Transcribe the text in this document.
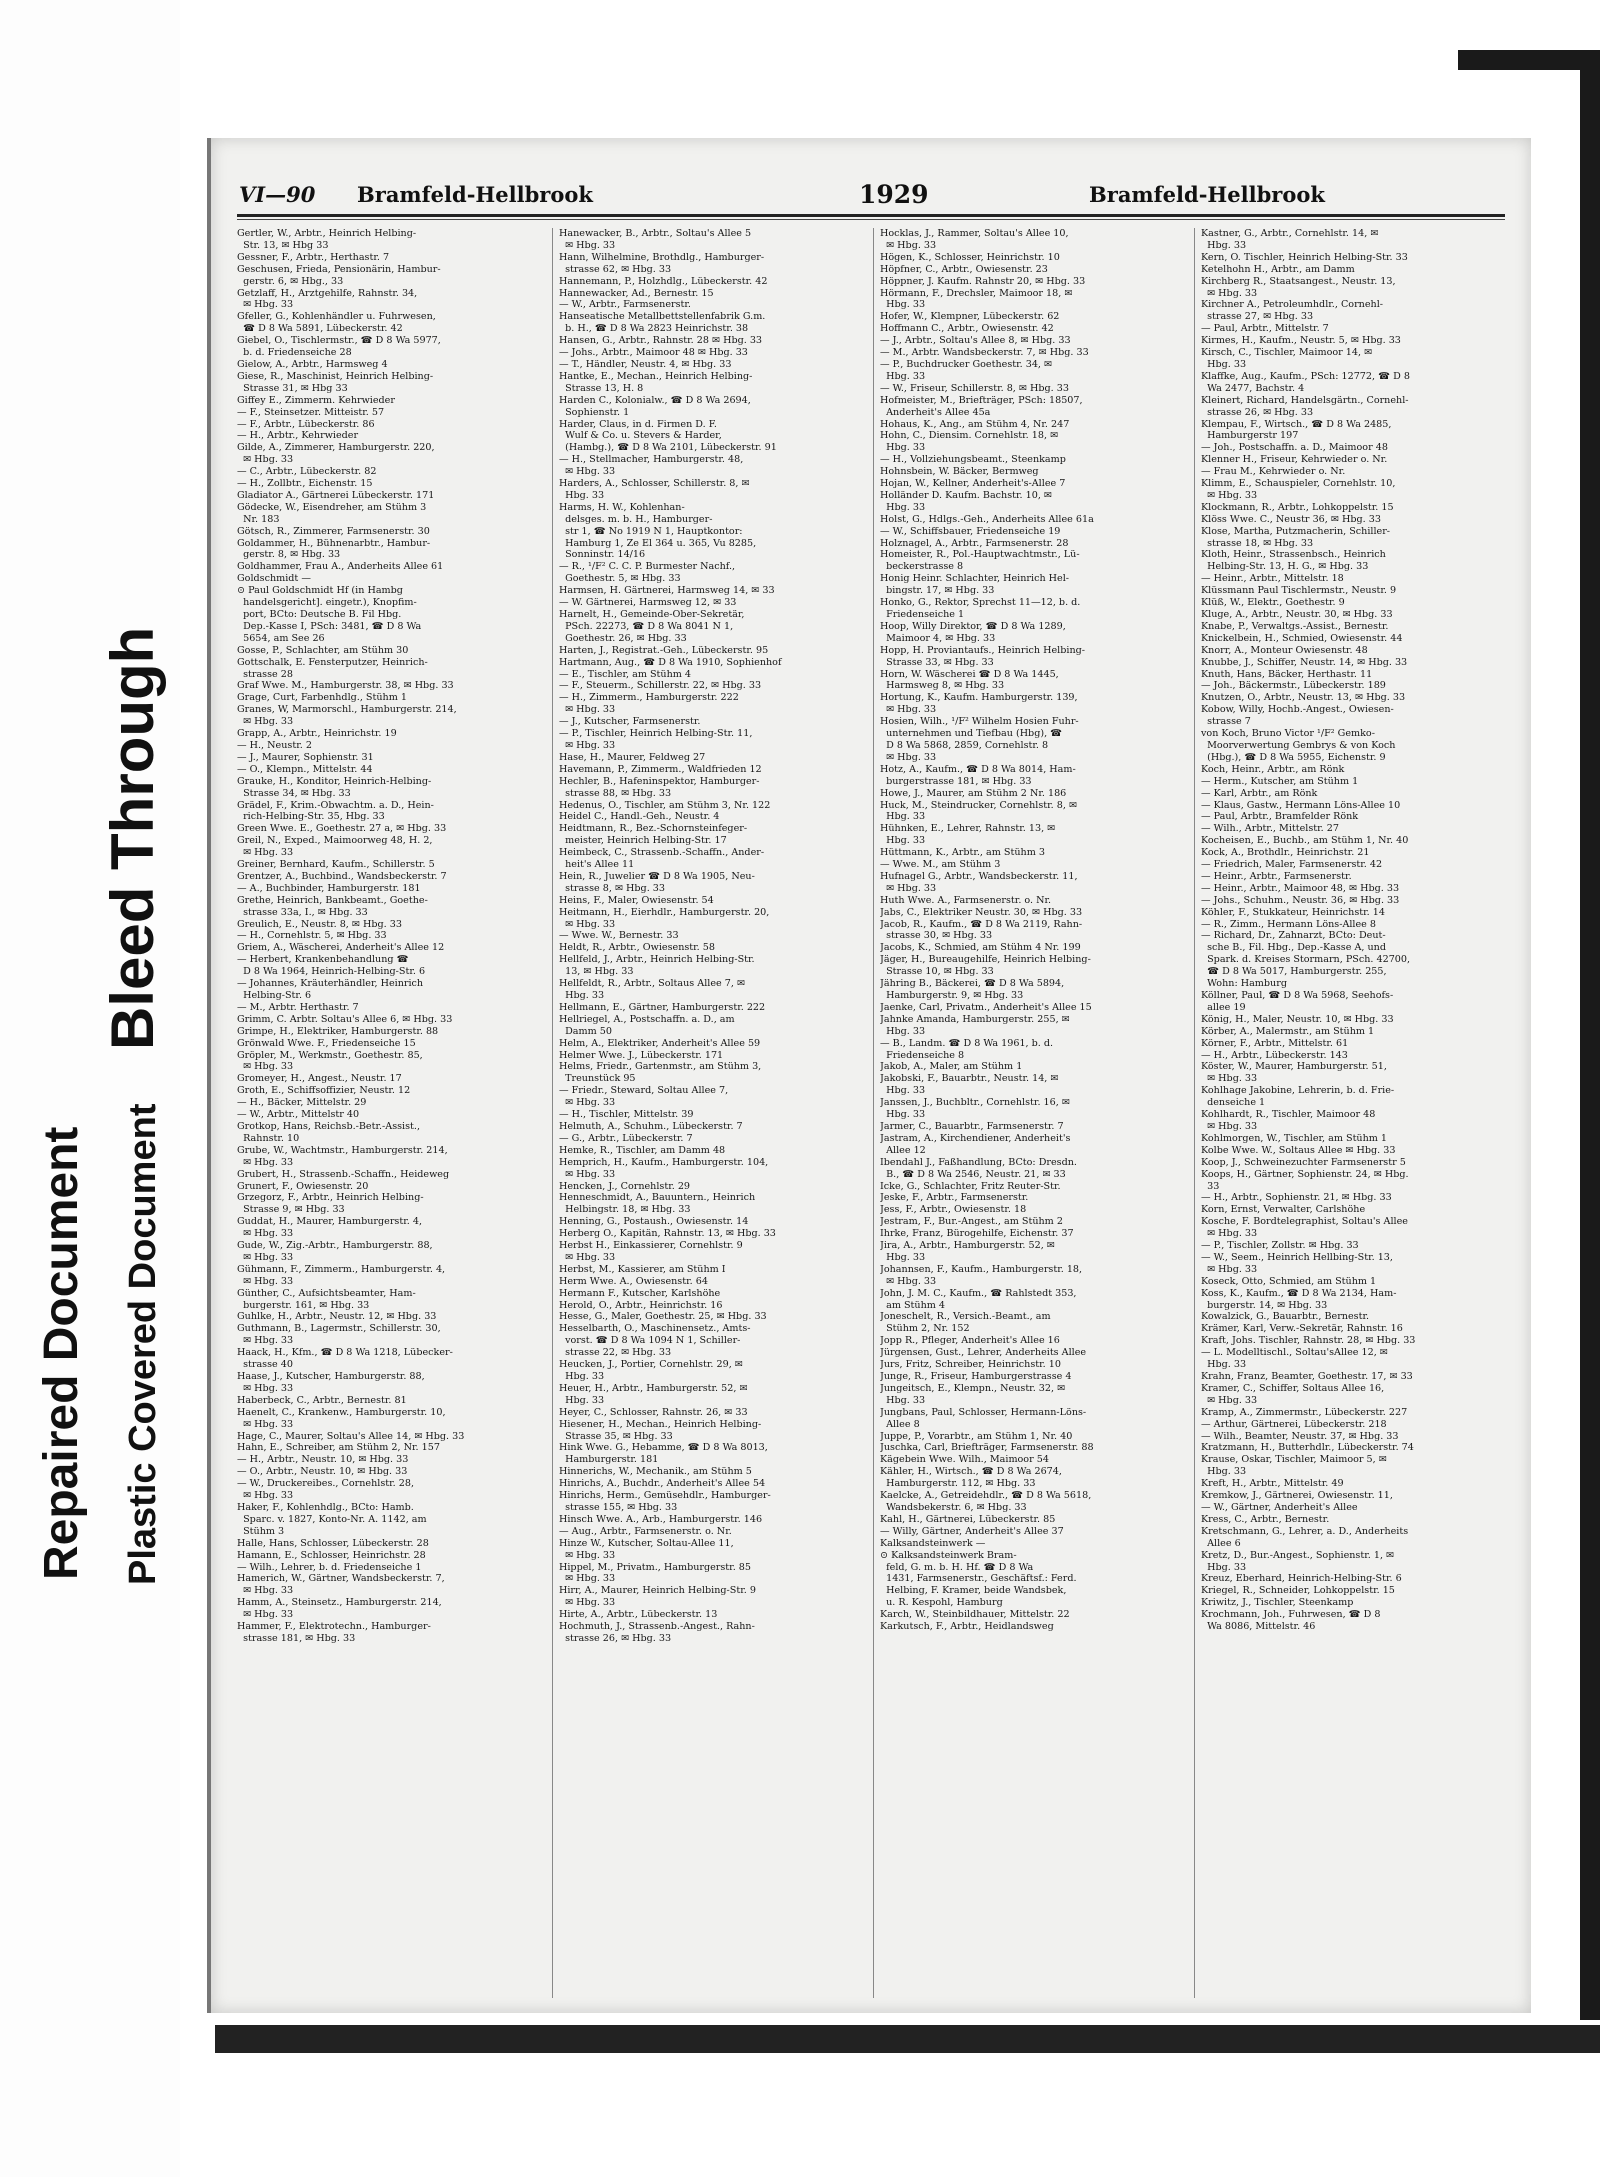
Bleed Through
Repaired Document Plastic Covered Document
VI—90 Bramfeld-Hellbrook	1929	Bramfeld-Hellbrook
Gertler, W., Arbtr., Heinrich Helbing-
Str. 13, ✉ Hbg 33
Gessner, F., Arbtr., Herthastr. 7
Geschusen, Frieda, Pensionärin, Hambur-
gerstr. 6, ✉ Hbg., 33
Getzlaff, H., Arztgehilfe, Rahnstr. 34,
✉ Hbg. 33
Gfeller, G., Kohlenhändler u. Fuhrwesen,
☎ D 8 Wa 5891, Lübeckerstr. 42
Giebel, O., Tischlermstr., ☎ D 8 Wa 5977,
b. d. Friedenseiche 28
Gielow, A., Arbtr., Harmsweg 4
Giese, R., Maschinist, Heinrich Helbing-
Strasse 31, ✉ Hbg 33
Giffey E., Zimmerm. Kehrwieder
— F., Steinsetzer. Mitteistr. 57
— F., Arbtr., Lübeckerstr. 86
— H., Arbtr., Kehrwieder
Gilde, A., Zimmerer, Hamburgerstr. 220,
✉ Hbg. 33
— C., Arbtr., Lübeckerstr. 82
— H., Zollbtr., Eichenstr. 15
Gladiator A., Gärtnerei Lübeckerstr. 171
Gödecke, W., Eisendreher, am Stühm 3
Nr. 183
Götsch, R., Zimmerer, Farmsenerstr. 30
Goldammer, H., Bühnenarbtr., Hambur-
gerstr. 8, ✉ Hbg. 33
Goldhammer, Frau A., Anderheits Allee 61
Goldschmidt —
⊙ Paul Goldschmidt Hf (in Hambg
handelsgericht]. eingetr.), Knopfim-
port, BCto: Deutsche B. Fil Hbg.
Dep.-Kasse I, PSch: 3481, ☎ D 8 Wa
5654, am See 26
Gosse, P., Schlachter, am Stühm 30
Gottschalk, E. Fensterputzer, Heinrich-
strasse 28
Graf Wwe. M., Hamburgerstr. 38, ✉ Hbg. 33
Grage, Curt, Farbenhdlg., Stühm 1
Granes, W, Marmorschl., Hamburgerstr. 214,
✉ Hbg. 33
Grapp, A., Arbtr., Heinrichstr. 19
— H., Neustr. 2
— J., Maurer, Sophienstr. 31
— O., Klempn., Mittelstr. 44
Grauke, H., Konditor, Heinrich-Helbing-
Strasse 34, ✉ Hbg. 33
Grädel, F., Krim.-Obwachtm. a. D., Hein-
rich-Helbing-Str. 35, Hbg. 33
Green Wwe. E., Goethestr. 27 a, ✉ Hbg. 33
Greil, N., Exped., Maimoorweg 48, H. 2,
✉ Hbg. 33
Greiner, Bernhard, Kaufm., Schillerstr. 5
Grentzer, A., Buchbind., Wandsbeckerstr. 7
— A., Buchbinder, Hamburgerstr. 181
Grethe, Heinrich, Bankbeamt., Goethe-
strasse 33a, I., ✉ Hbg. 33
Greulich, E., Neustr. 8, ✉ Hbg. 33
— H., Cornehlstr. 5, ✉ Hbg. 33
Griem, A., Wäscherei, Anderheit's Allee 12
— Herbert, Krankenbehandlung ☎
D 8 Wa 1964, Heinrich-Helbing-Str. 6
— Johannes, Kräuterhändler, Heinrich
Helbing-Str. 6
— M., Arbtr. Herthastr. 7
Grimm, C. Arbtr. Soltau's Allee 6, ✉ Hbg. 33
Grimpe, H., Elektriker, Hamburgerstr. 88
Grönwald Wwe. F., Friedenseiche 15
Gröpler, M., Werkmstr., Goethestr. 85,
✉ Hbg. 33
Gromeyer, H., Angest., Neustr. 17
Groth, E., Schiffsoffizier, Neustr. 12
— H., Bäcker, Mittelstr. 29
— W., Arbtr., Mittelstr 40
Grotkop, Hans, Reichsb.-Betr.-Assist.,
Rahnstr. 10
Grube, W., Wachtmstr., Hamburgerstr. 214,
✉ Hbg. 33
Grubert, H., Strassenb.-Schaffn., Heideweg
Grunert, F., Owiesenstr. 20
Grzegorz, F., Arbtr., Heinrich Helbing-
Strasse 9, ✉ Hbg. 33
Guddat, H., Maurer, Hamburgerstr. 4,
✉ Hbg. 33
Gude, W., Zig.-Arbtr., Hamburgerstr. 88,
✉ Hbg. 33
Gühmann, F., Zimmerm., Hamburgerstr. 4,
✉ Hbg. 33
Günther, C., Aufsichtsbeamter, Ham-
burgerstr. 161, ✉ Hbg. 33
Guhlke, H., Arbtr., Neustr. 12, ✉ Hbg. 33
Guthmann, B., Lagermstr., Schillerstr. 30,
✉ Hbg. 33
Haack, H., Kfm., ☎ D 8 Wa 1218, Lübecker-
strasse 40
Haase, J., Kutscher, Hamburgerstr. 88,
✉ Hbg. 33
Haberbeck, C., Arbtr., Bernestr. 81
Haenelt, C., Krankenw., Hamburgerstr. 10,
✉ Hbg. 33
Hage, C., Maurer, Soltau's Allee 14, ✉ Hbg. 33
Hahn, E., Schreiber, am Stühm 2, Nr. 157
— H., Arbtr., Neustr. 10, ✉ Hbg. 33
— O., Arbtr., Neustr. 10, ✉ Hbg. 33
— W., Druckereibes., Cornehlstr. 28,
✉ Hbg. 33
Haker, F., Kohlenhdlg., BCto: Hamb.
Sparc. v. 1827, Konto-Nr. A. 1142, am
Stühm 3
Halle, Hans, Schlosser, Lübeckerstr. 28
Hamann, E., Schlosser, Heinrichstr. 28
— Wilh., Lehrer, b. d. Friedenseiche 1
Hamerich, W., Gärtner, Wandsbeckerstr. 7,
✉ Hbg. 33
Hamm, A., Steinsetz., Hamburgerstr. 214,
✉ Hbg. 33
Hammer, F., Elektrotechn., Hamburger-
strasse 181, ✉ Hbg. 33
Hanewacker, B., Arbtr., Soltau's Allee 5
✉ Hbg. 33
Hann, Wilhelmine, Brothdlg., Hamburger-
strasse 62, ✉ Hbg. 33
Hannemann, P., Holzhdlg., Lübeckerstr. 42
Hannewacker, Ad., Bernestr. 15
— W., Arbtr., Farmsenerstr.
Hanseatische Metallbettstellenfabrik G.m.
b. H., ☎ D 8 Wa 2823 Heinrichstr. 38
Hansen, G., Arbtr., Rahnstr. 28 ✉ Hbg. 33
— Johs., Arbtr., Maimoor 48 ✉ Hbg. 33
— T., Händler, Neustr. 4, ✉ Hbg. 33
Hantke, E., Mechan., Heinrich Helbing-
Strasse 13, H. 8
Harden C., Kolonialw., ☎ D 8 Wa 2694,
Sophienstr. 1
Harder, Claus, in d. Firmen D. F.
Wulf & Co. u. Stevers & Harder,
(Hambg.), ☎ D 8 Wa 2101, Lübeckerstr. 91
— H., Stellmacher, Hamburgerstr. 48,
✉ Hbg. 33
Harders, A., Schlosser, Schillerstr. 8, ✉
Hbg. 33
Harms, H. W., Kohlenhan-
delsges. m. b. H., Hamburger-
str 1, ☎ No 1919 N 1, Hauptkontor:
Hamburg 1, Ze El 364 u. 365, Vu 8285,
Sonninstr. 14/16
— R., ¹/F² C. C. P. Burmester Nachf.,
Goethestr. 5, ✉ Hbg. 33
Harmsen, H. Gärtnerei, Harmsweg 14, ✉ 33
— W. Gärtnerei, Harmsweg 12, ✉ 33
Harnelt, H., Gemeinde-Ober-Sekretär,
PSch. 22273, ☎ D 8 Wa 8041 N 1,
Goethestr. 26, ✉ Hbg. 33
Harten, J., Registrat.-Geh., Lübeckerstr. 95
Hartmann, Aug., ☎ D 8 Wa 1910, Sophienhof
— E., Tischler, am Stühm 4
— F., Steuerm., Schillerstr. 22, ✉ Hbg. 33
— H., Zimmerm., Hamburgerstr. 222
✉ Hbg. 33
— J., Kutscher, Farmsenerstr.
— P., Tischler, Heinrich Helbing-Str. 11,
✉ Hbg. 33
Hase, H., Maurer, Feldweg 27
Havemann, P., Zimmerm., Waldfrieden 12
Hechler, B., Hafeninspektor, Hamburger-
strasse 88, ✉ Hbg. 33
Hedenus, O., Tischler, am Stühm 3, Nr. 122
Heidel C., Handl.-Geh., Neustr. 4
Heidtmann, R., Bez.-Schornsteinfeger-
meister, Heinrich Helbing-Str. 17
Heimbeck, C., Strassenb.-Schaffn., Ander-
heit's Allee 11
Hein, R., Juwelier ☎ D 8 Wa 1905, Neu-
strasse 8, ✉ Hbg. 33
Heins, F., Maler, Owiesenstr. 54
Heitmann, H., Eierhdlr., Hamburgerstr. 20,
✉ Hbg. 33
— Wwe. W., Bernestr. 33
Heldt, R., Arbtr., Owiesenstr. 58
Hellfeld, J., Arbtr., Heinrich Helbing-Str.
13, ✉ Hbg. 33
Hellfeldt, R., Arbtr., Soltaus Allee 7, ✉
Hbg. 33
Hellmann, E., Gärtner, Hamburgerstr. 222
Hellriegel, A., Postschaffn. a. D., am
Damm 50
Helm, A., Elektriker, Anderheit's Allee 59
Helmer Wwe. J., Lübeckerstr. 171
Helms, Friedr., Gartenmstr., am Stühm 3,
Treunstück 95
— Friedr., Steward, Soltau Allee 7,
✉ Hbg. 33
— H., Tischler, Mittelstr. 39
Helmuth, A., Schuhm., Lübeckerstr. 7
— G., Arbtr., Lübeckerstr. 7
Hemke, R., Tischler, am Damm 48
Hemprich, H., Kaufm., Hamburgerstr. 104,
✉ Hbg. 33
Hencken, J., Cornehlstr. 29
Henneschmidt, A., Bauuntern., Heinrich
Helbingstr. 18, ✉ Hbg. 33
Henning, G., Postaush., Owiesenstr. 14
Herberg O., Kapitän, Rahnstr. 13, ✉ Hbg. 33
Herbst H., Einkassierer, Cornehlstr. 9
✉ Hbg. 33
Herbst, M., Kassierer, am Stühm I
Herm Wwe. A., Owiesenstr. 64
Hermann F., Kutscher, Karlshöhe
Herold, O., Arbtr., Heinrichstr. 16
Hesse, G., Maler, Goethestr. 25, ✉ Hbg. 33
Hesselbarth, O., Maschinensetz., Amts-
vorst. ☎ D 8 Wa 1094 N 1, Schiller-
strasse 22, ✉ Hbg. 33
Heucken, J., Portier, Cornehlstr. 29, ✉
Hbg. 33
Heuer, H., Arbtr., Hamburgerstr. 52, ✉
Hbg. 33
Heyer, C., Schlosser, Rahnstr. 26, ✉ 33
Hiesener, H., Mechan., Heinrich Helbing-
Strasse 35, ✉ Hbg. 33
Hink Wwe. G., Hebamme, ☎ D 8 Wa 8013,
Hamburgerstr. 181
Hinnerichs, W., Mechanik., am Stühm 5
Hinrichs, A., Buchdr., Anderheit's Allee 54
Hinrichs, Herm., Gemüsehdlr., Hamburger-
strasse 155, ✉ Hbg. 33
Hinsch Wwe. A., Arb., Hamburgerstr. 146
— Aug., Arbtr., Farmsenerstr. o. Nr.
Hinze W., Kutscher, Soltau-Allee 11,
✉ Hbg. 33
Hippel, M., Privatm., Hamburgerstr. 85
✉ Hbg. 33
Hirr, A., Maurer, Heinrich Helbing-Str. 9
✉ Hbg. 33
Hirte, A., Arbtr., Lübeckerstr. 13
Hochmuth, J., Strassenb.-Angest., Rahn-
strasse 26, ✉ Hbg. 33
Hocklas, J., Rammer, Soltau's Allee 10,
✉ Hbg. 33
Högen, K., Schlosser, Heinrichstr. 10
Höpfner, C., Arbtr., Owiesenstr. 23
Höppner, J. Kaufm. Rahnstr 20, ✉ Hbg. 33
Hörmann, F., Drechsler, Maimoor 18, ✉
Hbg. 33
Hofer, W., Klempner, Lübeckerstr. 62
Hoffmann C., Arbtr., Owiesenstr. 42
— J., Arbtr., Soltau's Allee 8, ✉ Hbg. 33
— M., Arbtr. Wandsbeckerstr. 7, ✉ Hbg. 33
— P., Buchdrucker Goethestr. 34, ✉
Hbg. 33
— W., Friseur, Schillerstr. 8, ✉ Hbg. 33
Hofmeister, M., Briefträger, PSch: 18507,
Anderheit's Allee 45a
Hohaus, K., Ang., am Stühm 4, Nr. 247
Hohn, C., Diensim. Cornehlstr. 18, ✉
Hbg. 33
— H., Vollziehungsbeamt., Steenkamp
Hohnsbein, W. Bäcker, Bermweg
Hojan, W., Kellner, Anderheit's-Allee 7
Holländer D. Kaufm. Bachstr. 10, ✉
Hbg. 33
Holst, G., Hdlgs.-Geh., Anderheits Allee 61a
— W., Schiffsbauer, Friedenseiche 19
Holznagel, A., Arbtr., Farmsenerstr. 28
Homeister, R., Pol.-Hauptwachtmstr., Lü-
beckerstrasse 8
Honig Heinr. Schlachter, Heinrich Hel-
bingstr. 17, ✉ Hbg. 33
Honko, G., Rektor, Sprechst 11—12, b. d.
Friedenseiche 1
Hoop, Willy Direktor, ☎ D 8 Wa 1289,
Maimoor 4, ✉ Hbg. 33
Hopp, H. Proviantaufs., Heinrich Helbing-
Strasse 33, ✉ Hbg. 33
Horn, W. Wäscherei ☎ D 8 Wa 1445,
Harmsweg 8, ✉ Hbg. 33
Hortung, K., Kaufm. Hamburgerstr. 139,
✉ Hbg. 33
Hosien, Wilh., ¹/F² Wilhelm Hosien Fuhr-
unternehmen und Tiefbau (Hbg), ☎
D 8 Wa 5868, 2859, Cornehlstr. 8
✉ Hbg. 33
Hotz, A., Kaufm., ☎ D 8 Wa 8014, Ham-
burgerstrasse 181, ✉ Hbg. 33
Howe, J., Maurer, am Stühm 2 Nr. 186
Huck, M., Steindrucker, Cornehlstr. 8, ✉
Hbg. 33
Hühnken, E., Lehrer, Rahnstr. 13, ✉
Hbg. 33
Hüttmann, K., Arbtr., am Stühm 3
— Wwe. M., am Stühm 3
Hufnagel G., Arbtr., Wandsbeckerstr. 11,
✉ Hbg. 33
Huth Wwe. A., Farmsenerstr. o. Nr.
Jabs, C., Elektriker Neustr. 30, ✉ Hbg. 33
Jacob, R., Kaufm., ☎ D 8 Wa 2119, Rahn-
strasse 30, ✉ Hbg. 33
Jacobs, K., Schmied, am Stühm 4 Nr. 199
Jäger, H., Bureaugehilfe, Heinrich Helbing-
Strasse 10, ✉ Hbg. 33
Jähring B., Bäckerei, ☎ D 8 Wa 5894,
Hamburgerstr. 9, ✉ Hbg. 33
Jaenke, Carl, Privatm., Anderheit's Allee 15
Jahnke Amanda, Hamburgerstr. 255, ✉
Hbg. 33
— B., Landm. ☎ D 8 Wa 1961, b. d.
Friedenseiche 8
Jakob, A., Maler, am Stühm 1
Jakobski, F., Bauarbtr., Neustr. 14, ✉
Hbg. 33
Janssen, J., Buchbltr., Cornehlstr. 16, ✉
Hbg. 33
Jarmer, C., Bauarbtr., Farmsenerstr. 7
Jastram, A., Kirchendiener, Anderheit's
Allee 12
Ibendahl J., Faßhandlung, BCto: Dresdn.
B., ☎ D 8 Wa 2546, Neustr. 21, ✉ 33
Icke, G., Schlachter, Fritz Reuter-Str.
Jeske, F., Arbtr., Farmsenerstr.
Jess, F., Arbtr., Owiesenstr. 18
Jestram, F., Bur.-Angest., am Stühm 2
Ihrke, Franz, Bürogehilfe, Eichenstr. 37
Jira, A., Arbtr., Hamburgerstr. 52, ✉
Hbg. 33
Johannsen, F., Kaufm., Hamburgerstr. 18,
✉ Hbg. 33
John, J. M. C., Kaufm., ☎ Rahlstedt 353,
am Stühm 4
Joneschelt, R., Versich.-Beamt., am
Stühm 2, Nr. 152
Jopp R., Pfleger, Anderheit's Allee 16
Jürgensen, Gust., Lehrer, Anderheits Allee
Jurs, Fritz, Schreiber, Heinrichstr. 10
Junge, R., Friseur, Hamburgerstrasse 4
Jungeitsch, E., Klempn., Neustr. 32, ✉
Hbg. 33
Jungbans, Paul, Schlosser, Hermann-Löns-
Allee 8
Juppe, P., Vorarbtr., am Stühm 1, Nr. 40
Juschka, Carl, Briefträger, Farmsenerstr. 88
Kägebein Wwe. Wilh., Maimoor 54
Kähler, H., Wirtsch., ☎ D 8 Wa 2674,
Hamburgerstr. 112, ✉ Hbg. 33
Kaelcke, A., Getreidehdlr., ☎ D 8 Wa 5618,
Wandsbekerstr. 6, ✉ Hbg. 33
Kahl, H., Gärtnerei, Lübeckerstr. 85
— Willy, Gärtner, Anderheit's Allee 37
Kalksandsteinwerk —
⊙ Kalksandsteinwerk Bram-
feld, G. m. b. H. Hf. ☎ D 8 Wa
1431, Farmsenerstr., Geschäftsf.: Ferd.
Helbing, F. Kramer, beide Wandsbek,
u. R. Kespohl, Hamburg
Karch, W., Steinbildhauer, Mittelstr. 22
Karkutsch, F., Arbtr., Heidlandsweg
Kastner, G., Arbtr., Cornehlstr. 14, ✉
Hbg. 33
Kern, O. Tischler, Heinrich Helbing-Str. 33
Ketelhohn H., Arbtr., am Damm
Kirchberg R., Staatsangest., Neustr. 13,
✉ Hbg. 33
Kirchner A., Petroleumhdlr., Cornehl-
strasse 27, ✉ Hbg. 33
— Paul, Arbtr., Mittelstr. 7
Kirmes, H., Kaufm., Neustr. 5, ✉ Hbg. 33
Kirsch, C., Tischler, Maimoor 14, ✉
Hbg. 33
Klaffke, Aug., Kaufm., PSch: 12772, ☎ D 8
Wa 2477, Bachstr. 4
Kleinert, Richard, Handelsgärtn., Cornehl-
strasse 26, ✉ Hbg. 33
Klempau, F., Wirtsch., ☎ D 8 Wa 2485,
Hamburgerstr 197
— Joh., Postschaffn. a. D., Maimoor 48
Klenner H., Friseur, Kehrwieder o. Nr.
— Frau M., Kehrwieder o. Nr.
Klimm, E., Schauspieler, Cornehlstr. 10,
✉ Hbg. 33
Klockmann, R., Arbtr., Lohkoppelstr. 15
Klöss Wwe. C., Neustr 36, ✉ Hbg. 33
Klose, Martha, Putzmacherin, Schiller-
strasse 18, ✉ Hbg. 33
Kloth, Heinr., Strassenbsch., Heinrich
Helbing-Str. 13, H. G., ✉ Hbg. 33
— Heinr., Arbtr., Mittelstr. 18
Klüssmann Paul Tischlermstr., Neustr. 9
Klüß, W., Elektr., Goethestr. 9
Kluge, A., Arbtr., Neustr. 30, ✉ Hbg. 33
Knabe, P., Verwaltgs.-Assist., Bernestr.
Knickelbein, H., Schmied, Owiesenstr. 44
Knorr, A., Monteur Owiesenstr. 48
Knubbe, J., Schiffer, Neustr. 14, ✉ Hbg. 33
Knuth, Hans, Bäcker, Herthastr. 11
— Joh., Bäckermstr., Lübeckerstr. 189
Knutzen, O., Arbtr., Neustr. 13, ✉ Hbg. 33
Kobow, Willy, Hochb.-Angest., Owiesen-
strasse 7
von Koch, Bruno Victor ¹/F² Gemko-
Moorverwertung Gembrys & von Koch
(Hbg.), ☎ D 8 Wa 5955, Eichenstr. 9
Koch, Heinr., Arbtr., am Rönk
— Herm., Kutscher, am Stühm 1
— Karl, Arbtr., am Rönk
— Klaus, Gastw., Hermann Löns-Allee 10
— Paul, Arbtr., Bramfelder Rönk
— Wilh., Arbtr., Mittelstr. 27
Kocheisen, E., Buchb., am Stühm 1, Nr. 40
Kock, A., Brothdlr., Heinrichstr. 21
— Friedrich, Maler, Farmsenerstr. 42
— Heinr., Arbtr., Farmsenerstr.
— Heinr., Arbtr., Maimoor 48, ✉ Hbg. 33
— Johs., Schuhm., Neustr. 36, ✉ Hbg. 33
Köhler, F., Stukkateur, Heinrichstr. 14
— R., Zimm., Hermann Löns-Allee 8
— Richard, Dr., Zahnarzt, BCto: Deut-
sche B., Fil. Hbg., Dep.-Kasse A, und
Spark. d. Kreises Stormarn, PSch. 42700,
☎ D 8 Wa 5017, Hamburgerstr. 255,
Wohn: Hamburg
Köllner, Paul, ☎ D 8 Wa 5968, Seehofs-
allee 19
König, H., Maler, Neustr. 10, ✉ Hbg. 33
Körber, A., Malermstr., am Stühm 1
Körner, F., Arbtr., Mittelstr. 61
— H., Arbtr., Lübeckerstr. 143
Köster, W., Maurer, Hamburgerstr. 51,
✉ Hbg. 33
Kohlhage Jakobine, Lehrerin, b. d. Frie-
denseiche 1
Kohlhardt, R., Tischler, Maimoor 48
✉ Hbg. 33
Kohlmorgen, W., Tischler, am Stühm 1
Kolbe Wwe. W., Soltaus Allee ✉ Hbg. 33
Koop, J., Schweinezuchter Farmsenerstr 5
Koops, H., Gärtner, Sophienstr. 24, ✉ Hbg.
33
— H., Arbtr., Sophienstr. 21, ✉ Hbg. 33
Korn, Ernst, Verwalter, Carlshöhe
Kosche, F. Bordtelegraphist, Soltau's Allee
✉ Hbg. 33
— P., Tischler, Zollstr. ✉ Hbg. 33
— W., Seem., Heinrich Hellbing-Str. 13,
✉ Hbg. 33
Koseck, Otto, Schmied, am Stühm 1
Koss, K., Kaufm., ☎ D 8 Wa 2134, Ham-
burgerstr. 14, ✉ Hbg. 33
Kowalzick, G., Bauarbtr., Bernestr.
Krämer, Karl, Verw.-Sekretär, Rahnstr. 16
Kraft, Johs. Tischler, Rahnstr. 28, ✉ Hbg. 33
— L. Modelltischl., Soltau'sAllee 12, ✉
Hbg. 33
Krahn, Franz, Beamter, Goethestr. 17, ✉ 33
Kramer, C., Schiffer, Soltaus Allee 16,
✉ Hbg. 33
Kramp, A., Zimmermstr., Lübeckerstr. 227
— Arthur, Gärtnerei, Lübeckerstr. 218
— Wilh., Beamter, Neustr. 37, ✉ Hbg. 33
Kratzmann, H., Butterhdlr., Lübeckerstr. 74
Krause, Oskar, Tischler, Maimoor 5, ✉
Hbg. 33
Kreft, H., Arbtr., Mittelstr. 49
Kremkow, J., Gärtnerei, Owiesenstr. 11,
— W., Gärtner, Anderheit's Allee
Kress, C., Arbtr., Bernestr.
Kretschmann, G., Lehrer, a. D., Anderheits
Allee 6
Kretz, D., Bur.-Angest., Sophienstr. 1, ✉
Hbg. 33
Kreuz, Eberhard, Heinrich-Helbing-Str. 6
Kriegel, R., Schneider, Lohkoppelstr. 15
Kriwitz, J., Tischler, Steenkamp
Krochmann, Joh., Fuhrwesen, ☎ D 8
Wa 8086, Mittelstr. 46
